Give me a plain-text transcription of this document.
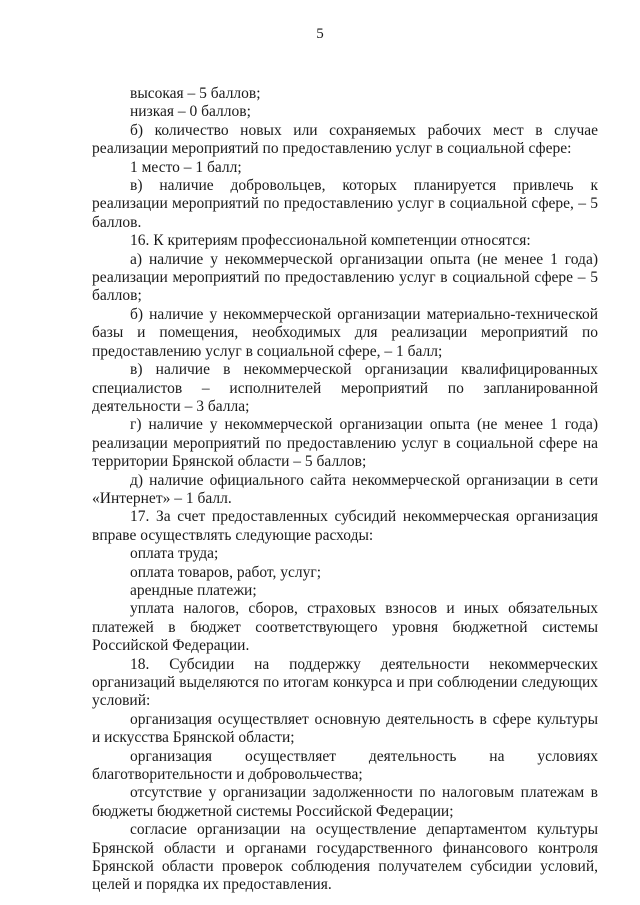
5

высокая – 5 баллов;

низкая – 0 баллов;

б) количество новых или сохраняемых рабочих мест в случае реализации мероприятий по предоставлению услуг в социальной сфере:

1 место – 1 балл;

в) наличие добровольцев, которых планируется привлечь к реализации мероприятий по предоставлению услуг в социальной сфере, – 5 баллов.

16. К критериям профессиональной компетенции относятся:

а) наличие у некоммерческой организации опыта (не менее 1 года) реализации мероприятий по предоставлению услуг в социальной сфере – 5 баллов;

б) наличие у некоммерческой организации материально-технической базы и помещения, необходимых для реализации мероприятий по предоставлению услуг в социальной сфере, – 1 балл;

в) наличие в некоммерческой организации квалифицированных специалистов – исполнителей мероприятий по запланированной деятельности – 3 балла;

г) наличие у некоммерческой организации опыта (не менее 1 года) реализации мероприятий по предоставлению услуг в социальной сфере на территории Брянской области – 5 баллов;

д) наличие официального сайта некоммерческой организации в сети «Интернет» – 1 балл.

17. За счет предоставленных субсидий некоммерческая организация вправе осуществлять следующие расходы:

оплата труда;

оплата товаров, работ, услуг;

арендные платежи;

уплата налогов, сборов, страховых взносов и иных обязательных платежей в бюджет соответствующего уровня бюджетной системы Российской Федерации.

18. Субсидии на поддержку деятельности некоммерческих организаций выделяются по итогам конкурса и при соблюдении следующих условий:

организация осуществляет основную деятельность в сфере культуры и искусства Брянской области;

организация осуществляет деятельность на условиях благотворительности и добровольчества;

отсутствие у организации задолженности по налоговым платежам в бюджеты бюджетной системы Российской Федерации;

согласие организации на осуществление департаментом культуры Брянской области и органами государственного финансового контроля Брянской области проверок соблюдения получателем субсидии условий, целей и порядка их предоставления.
